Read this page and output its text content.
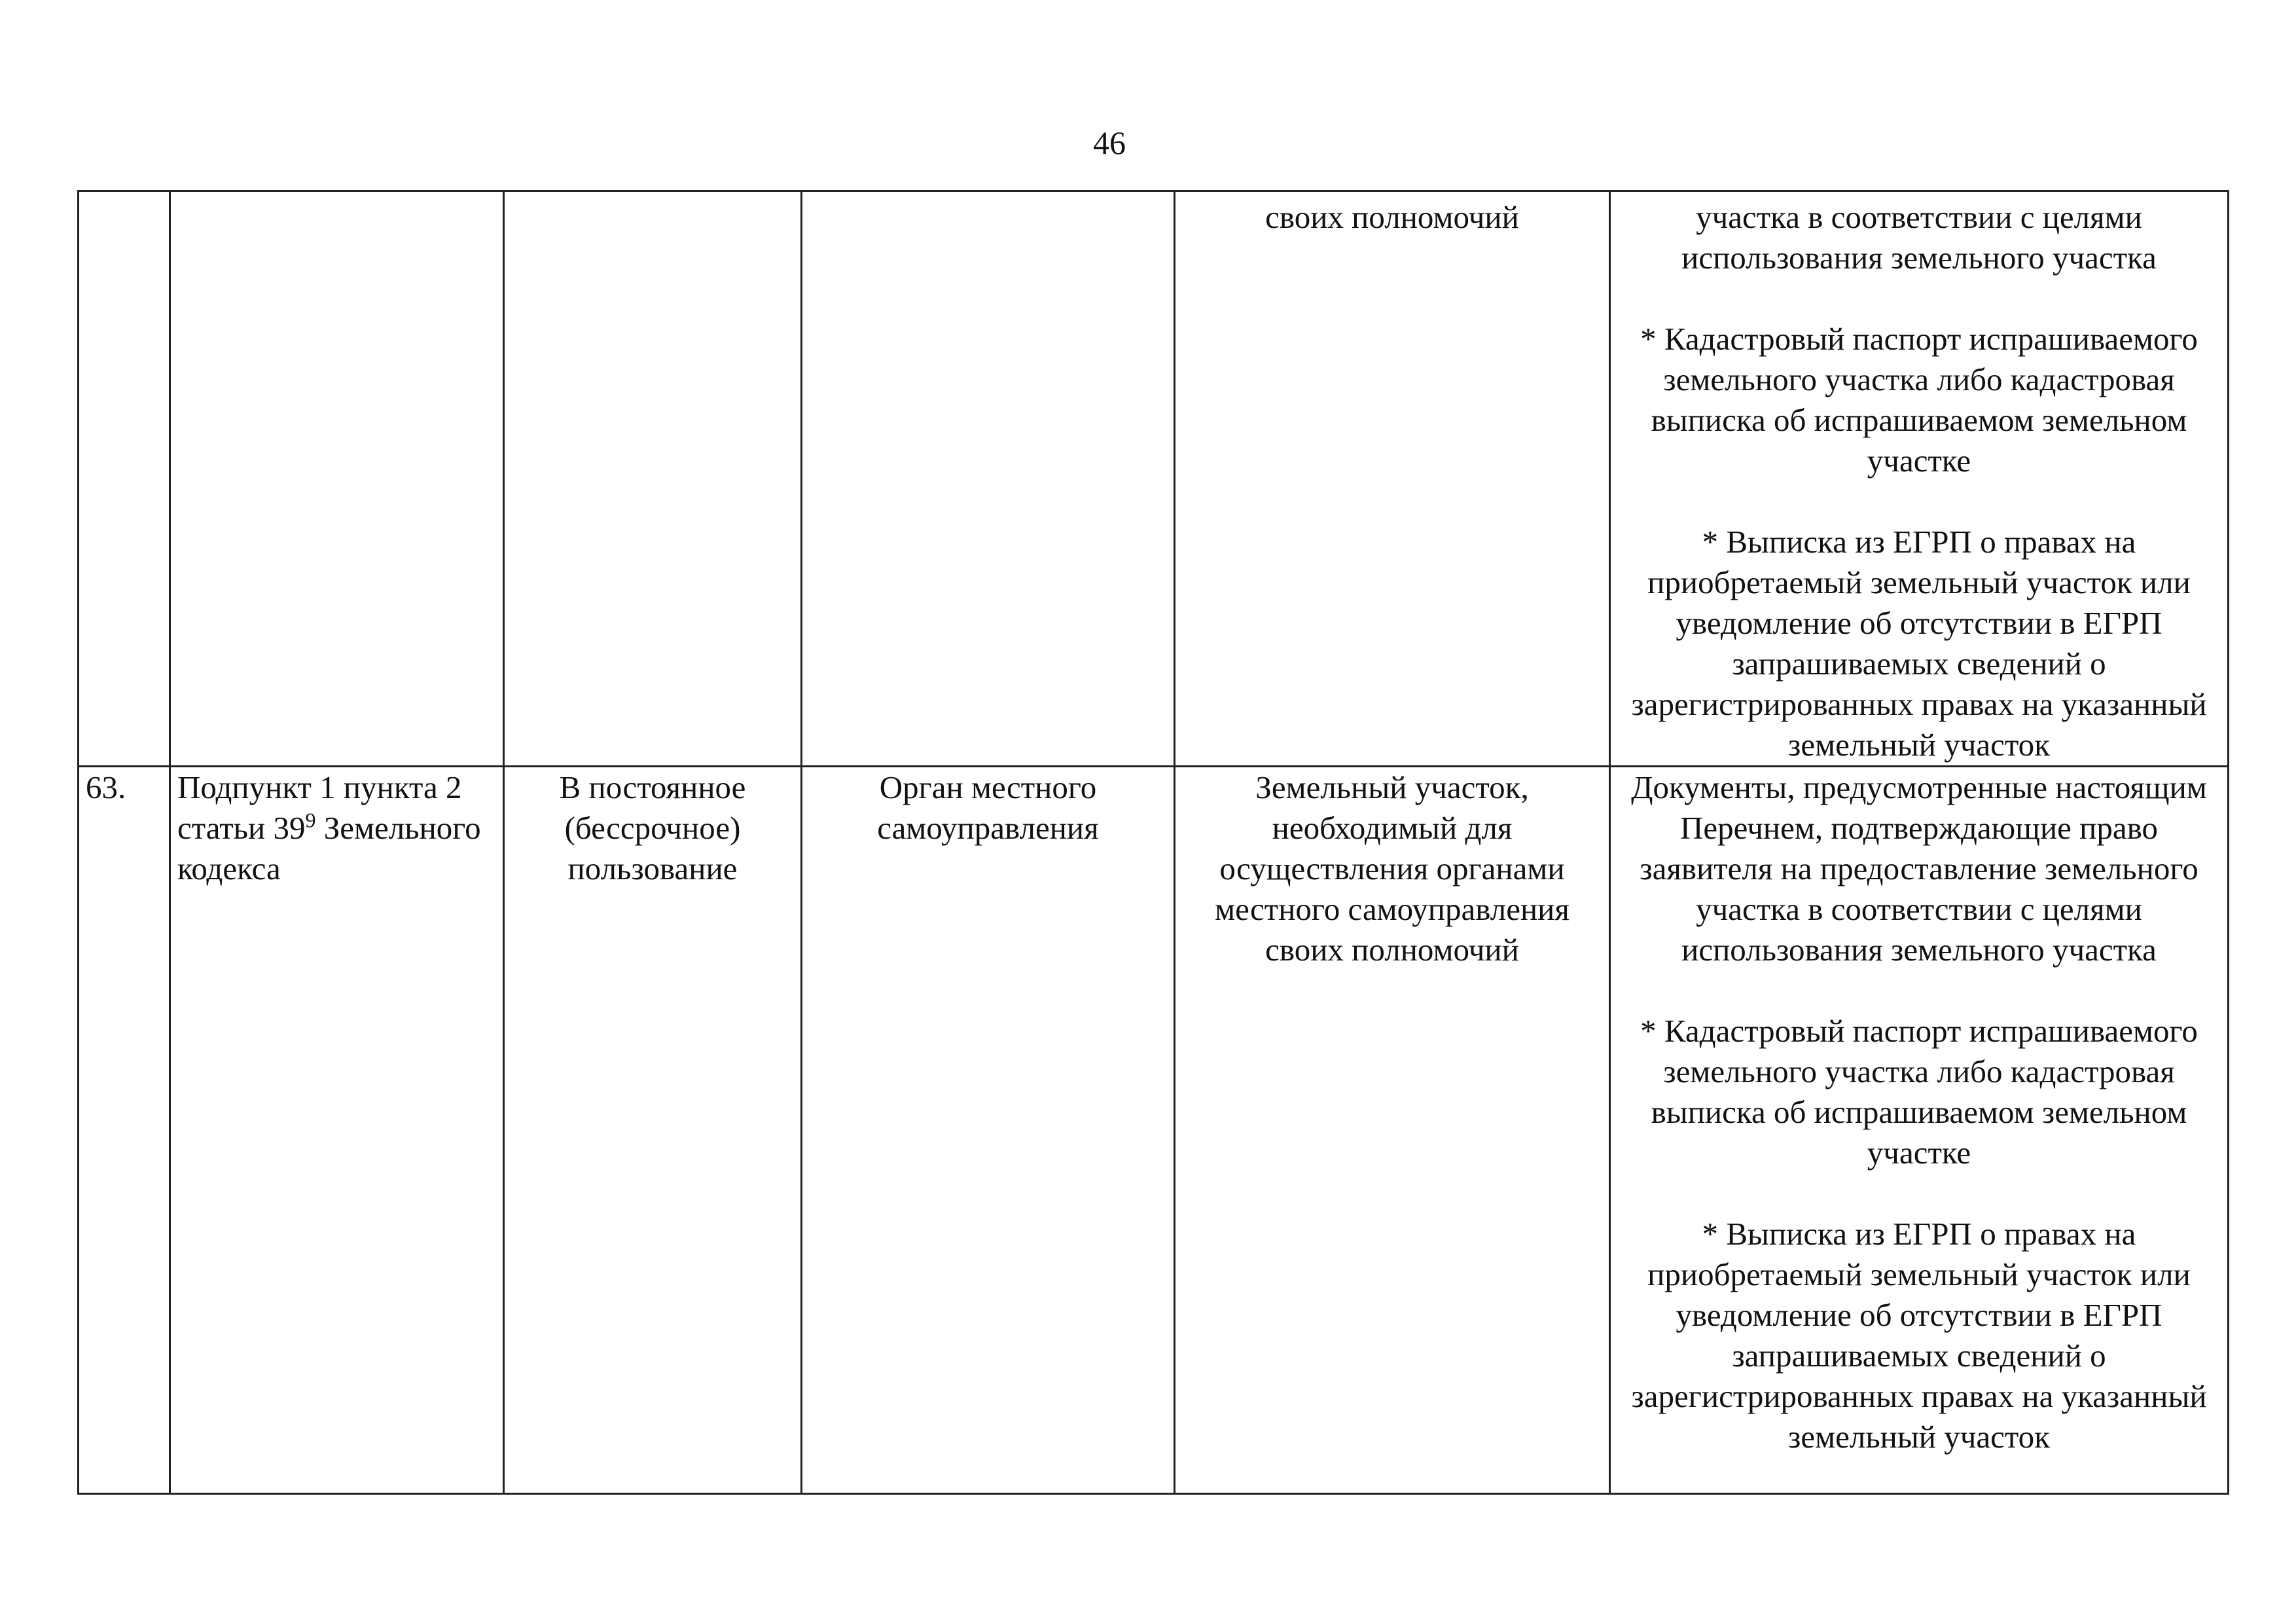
46

				своих полномочий	участка в соответствии с целями использования земельного участка
* Кадастровый паспорт испрашиваемого земельного участка либо кадастровая выписка об испрашиваемом земельном участке
* Выписка из ЕГРП о правах на приобретаемый земельный участок или уведомление об отсутствии в ЕГРП запрашиваемых сведений о зарегистрированных правах на указанный земельный участок

63.	Подпункт 1 пункта 2 статьи $39^9$ Земельного кодекса	В постоянное (бессрочное) пользование	Орган местного самоуправления	Земельный участок, необходимый для осуществления органами местного самоуправления своих полномочий	Документы, предусмотренные настоящим Перечнем, подтверждающие право заявителя на предоставление земельного участка в соответствии с целями использования земельного участка
* Кадастровый паспорт испрашиваемого земельного участка либо кадастровая выписка об испрашиваемом земельном участке
* Выписка из ЕГРП о правах на приобретаемый земельный участок или уведомление об отсутствии в ЕГРП запрашиваемых сведений о зарегистрированных правах на указанный земельный участок
